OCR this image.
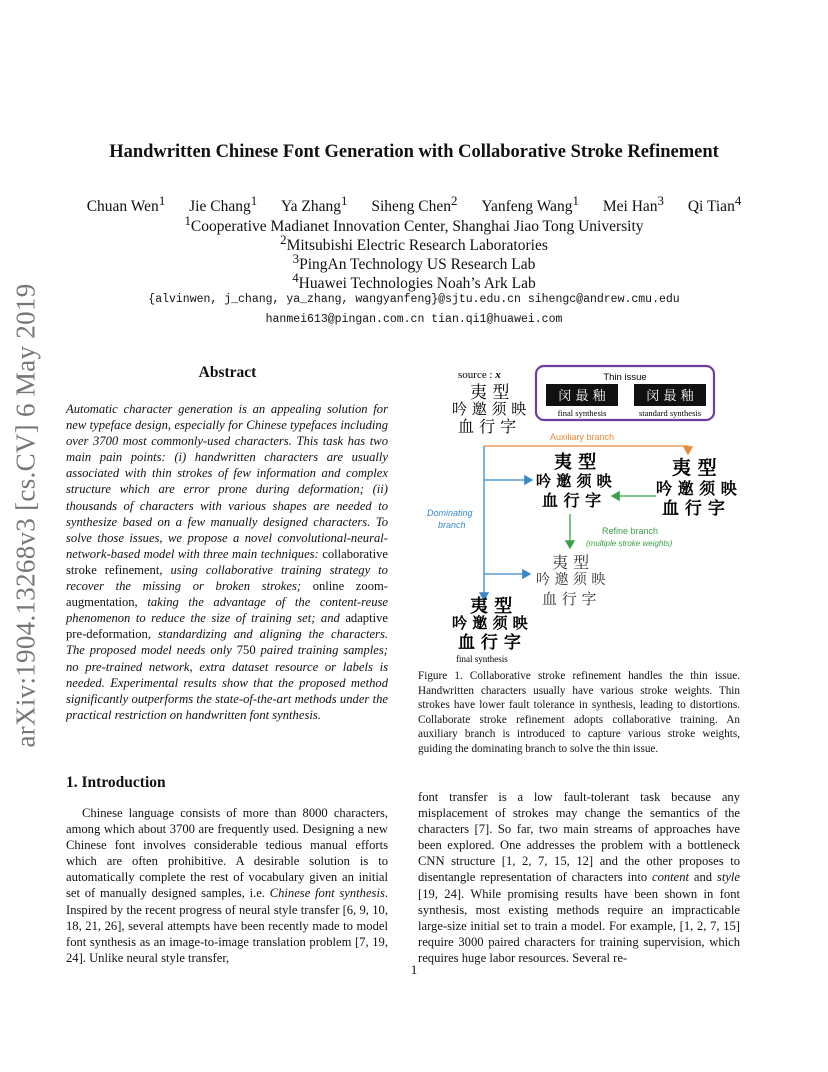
arXiv:1904.13268v3 [cs.CV] 6 May 2019
Handwritten Chinese Font Generation with Collaborative Stroke Refinement
Chuan Wen$^1$ Jie Chang$^1$ Ya Zhang$^1$ Siheng Chen$^2$ Yanfeng Wang$^1$ Mei Han$^3$ Qi Tian$^4$
$^1$Cooperative Madianet Innovation Center, Shanghai Jiao Tong University
$^2$Mitsubishi Electric Research Laboratories
$^3$PingAn Technology US Research Lab
$^4$Huawei Technologies Noah’s Ark Lab
{alvinwen, j_chang, ya_zhang, wangyanfeng}@sjtu.edu.cn sihengc@andrew.cmu.edu
hanmei613@pingan.com.cn tian.qi1@huawei.com
Abstract
Automatic character generation is an appealing solution for new typeface design, especially for Chinese typefaces including over 3700 most commonly-used characters. This task has two main pain points: (i) handwritten characters are usually associated with thin strokes of few information and complex structure which are error prone during deformation; (ii) thousands of characters with various shapes are needed to synthesize based on a few manually designed characters. To solve those issues, we propose a novel convolutional-neural-network-based model with three main techniques: collaborative stroke refinement, using collaborative training strategy to recover the missing or broken strokes; online zoom-augmentation, taking the advantage of the content-reuse phenomenon to reduce the size of training set; and adaptive pre-deformation, standardizing and aligning the characters. The proposed model needs only 750 paired training samples; no pre-trained network, extra dataset resource or labels is needed. Experimental results show that the proposed method significantly outperforms the state-of-the-art methods under the practical restriction on handwritten font synthesis.
1. Introduction
Chinese language consists of more than 8000 characters, among which about 3700 are frequently used. Designing a new Chinese font involves considerable tedious manual efforts which are often prohibitive. A desirable solution is to automatically complete the rest of vocabulary given an initial set of manually designed samples, i.e. Chinese font synthesis. Inspired by the recent progress of neural style transfer [6, 9, 10, 18, 21, 26], several attempts have been recently made to model font synthesis as an image-to-image translation problem [7, 19, 24]. Unlike neural style transfer,
font transfer is a low fault-tolerant task because any misplacement of strokes may change the semantics of the characters [7]. So far, two main streams of approaches have been explored. One addresses the problem with a bottleneck CNN structure [1, 2, 7, 15, 12] and the other proposes to disentangle representation of characters into content and style [19, 24]. While promising results have been shown in font synthesis, most existing methods require an impracticable large-size initial set to train a model. For example, [1, 2, 7, 15] require 3000 paired characters for training supervision, which requires huge labor resources. Several re-
source : x
夷 型
吟 邀 须 映
血 行 字
Thin issue
闵 最 釉	闵 最 釉
final synthesis	standard synthesis
Auxiliary branch
Dominating
branch
夷 型
吟 邀 须 映
血 行 字
夷 型
吟 邀 须 映
血 行 字
Refine branch
(multiple stroke weights)
夷 型
吟 邀 须 映
血 行 字
夷 型
吟 邀 须 映
血 行 字
final synthesis
Figure 1. Collaborative stroke refinement handles the thin issue. Handwritten characters usually have various stroke weights. Thin strokes have lower fault tolerance in synthesis, leading to distortions. Collaborate stroke refinement adopts collaborative training. An auxiliary branch is introduced to capture various stroke weights, guiding the dominating branch to solve the thin issue.
1
